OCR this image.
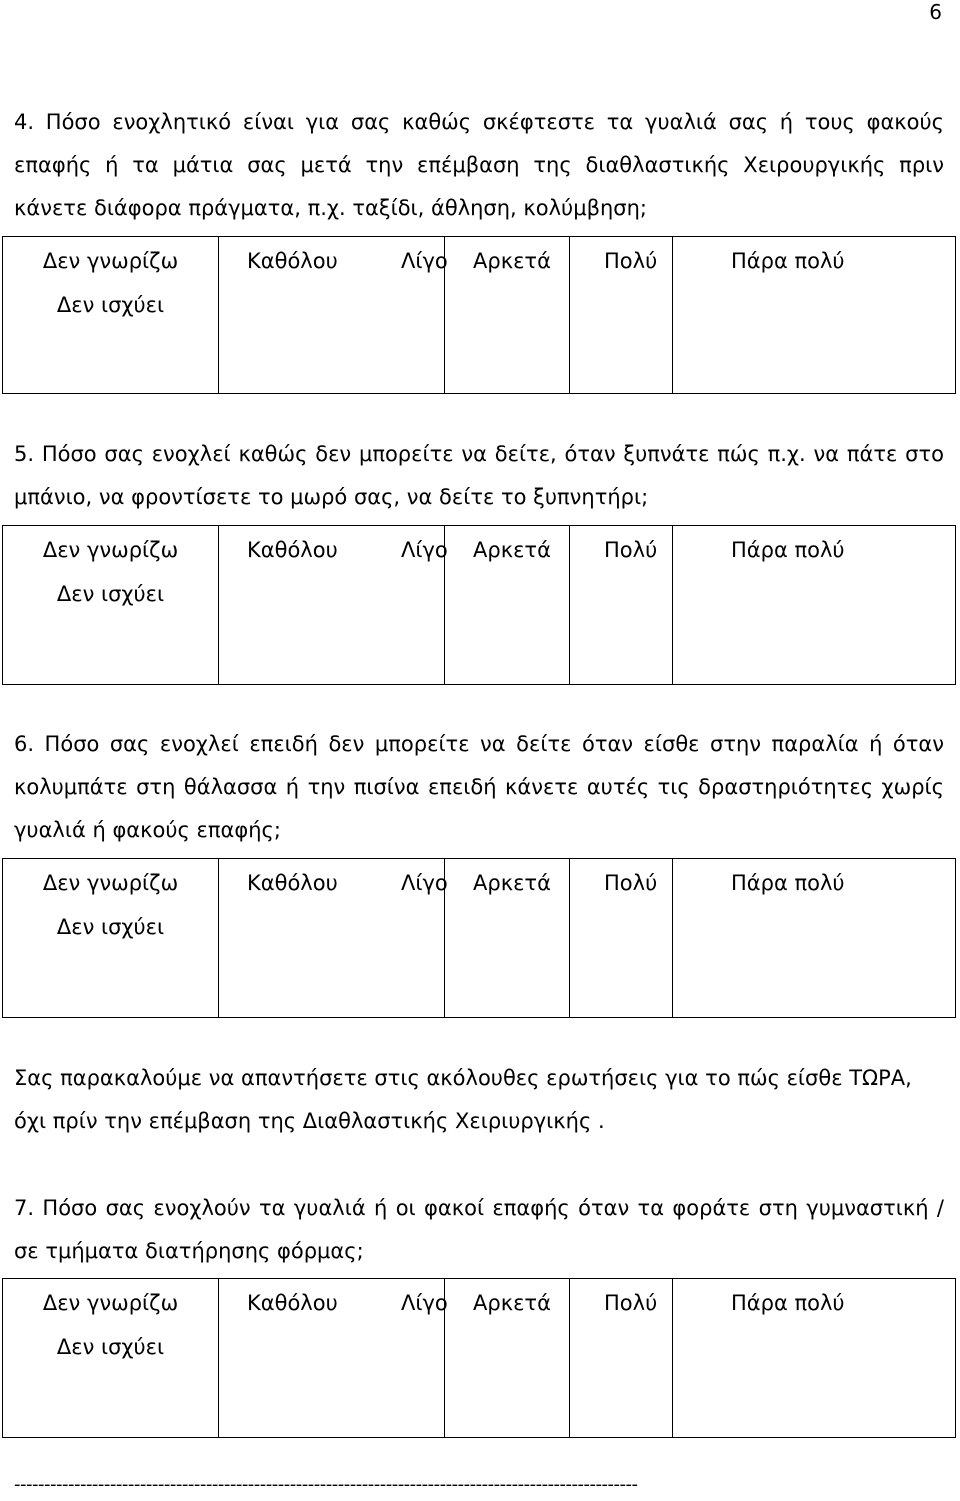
6
4. Πόσο ενοχλητικό είναι για σας καθώς σκέφτεστε τα γυαλιά σας ή τους φακούς επαφής ή τα μάτια σας μετά την επέμβαση της διαθλαστικής Χειρουργικής πριν κάνετε διάφορα πράγματα, π.χ. ταξίδι, άθληση, κολύμβηση;
Δεν γνωρίζω
Δεν ισχύει
Καθόλου	Λίγο	Αρκετά	Πολύ	Πάρα πολύ
5. Πόσο σας ενοχλεί καθώς δεν μπορείτε να δείτε, όταν ξυπνάτε πώς π.χ. να πάτε στο μπάνιο, να φροντίσετε το μωρό σας, να δείτε το ξυπνητήρι;
Δεν γνωρίζω
Δεν ισχύει
Καθόλου	Λίγο	Αρκετά	Πολύ	Πάρα πολύ
6. Πόσο σας ενοχλεί επειδή δεν μπορείτε να δείτε όταν είσθε στην παραλία ή όταν κολυμπάτε στη θάλασσα ή την πισίνα επειδή κάνετε αυτές τις δραστηριότητες χωρίς γυαλιά ή φακούς επαφής;
Δεν γνωρίζω
Δεν ισχύει
Καθόλου	Λίγο	Αρκετά	Πολύ	Πάρα πολύ
Σας παρακαλούμε να απαντήσετε στις ακόλουθες ερωτήσεις για το πώς είσθε ΤΩΡΑ, όχι πρίν την επέμβαση της Διαθλαστικής Χειριυργικής .
7. Πόσο σας ενοχλούν τα γυαλιά ή οι φακοί επαφής όταν τα φοράτε στη γυμναστική / σε τμήματα διατήρησης φόρμας;
Δεν γνωρίζω
Δεν ισχύει
Καθόλου	Λίγο	Αρκετά	Πολύ	Πάρα πολύ
--------------------------------------------------------------------------------------------------------
